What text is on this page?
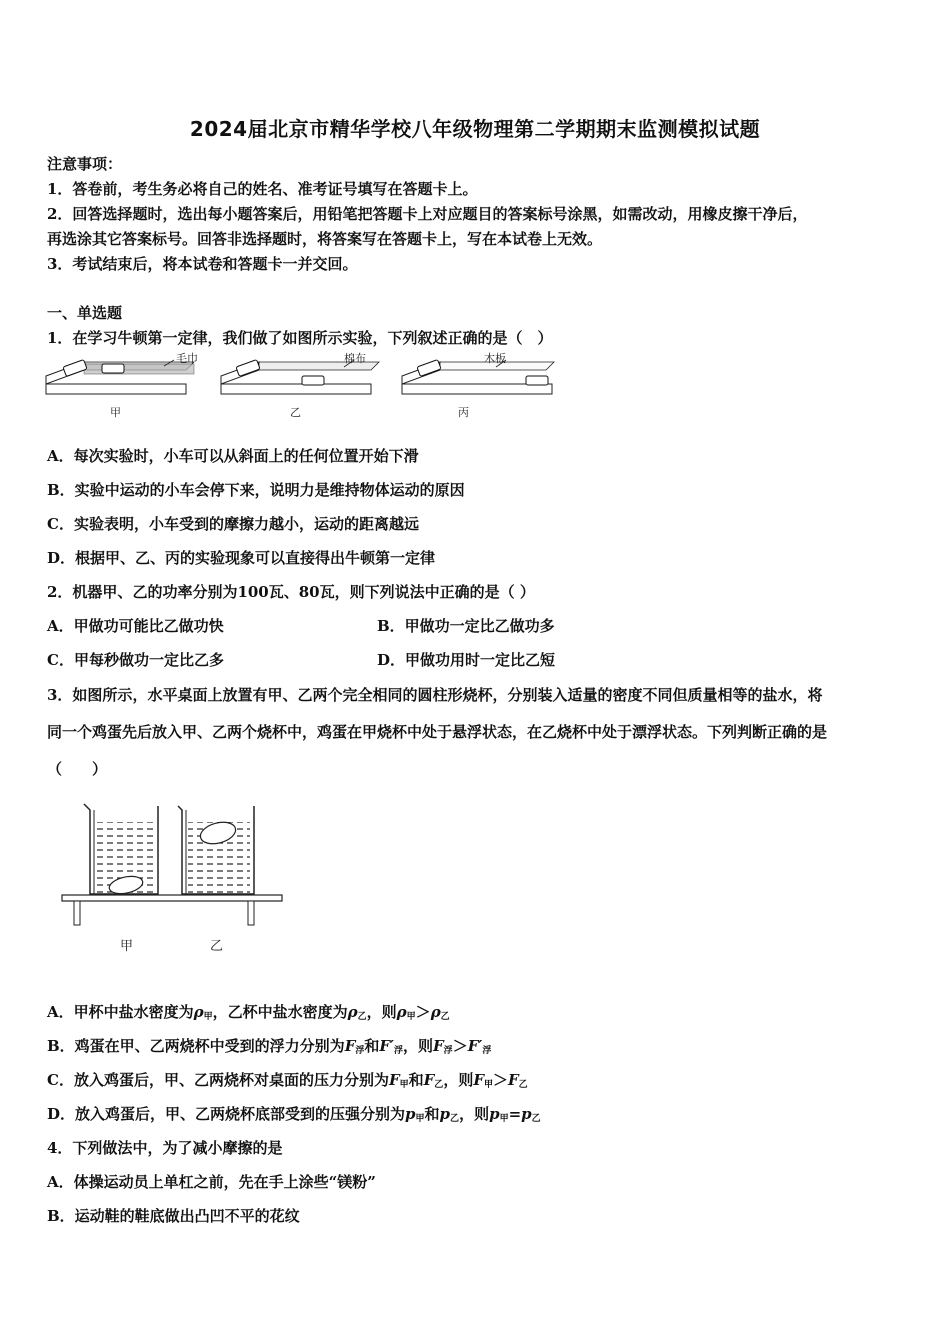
2024届北京市精华学校八年级物理第二学期期末监测模拟试题
注意事项：
1．答卷前，考生务必将自己的姓名、准考证号填写在答题卡上。
2．回答选择题时，选出每小题答案后，用铅笔把答题卡上对应题目的答案标号涂黑，如需改动，用橡皮擦干净后，
再选涂其它答案标号。回答非选择题时，将答案写在答题卡上，写在本试卷上无效。
3．考试结束后，将本试卷和答题卡一并交回。
一、单选题
1．在学习牛顿第一定律，我们做了如图所示实验，下列叙述正确的是（　）
毛巾
甲
棉布
乙
木板
丙
A．每次实验时，小车可以从斜面上的任何位置开始下滑
B．实验中运动的小车会停下来，说明力是维持物体运动的原因
C．实验表明，小车受到的摩擦力越小，运动的距离越远
D．根据甲、乙、丙的实验现象可以直接得出牛顿第一定律
2．机器甲、乙的功率分别为100瓦、80瓦，则下列说法中正确的是（ ）
A．甲做功可能比乙做功快	B．甲做功一定比乙做功多
C．甲每秒做功一定比乙多	D．甲做功用时一定比乙短
3．如图所示，水平桌面上放置有甲、乙两个完全相同的圆柱形烧杯，分别装入适量的密度不同但质量相等的盐水，将
同一个鸡蛋先后放入甲、乙两个烧杯中，鸡蛋在甲烧杯中处于悬浮状态，在乙烧杯中处于漂浮状态。下列判断正确的是
（　　）
甲	乙
A．甲杯中盐水密度为$\rho_甲$，乙杯中盐水密度为$\rho_乙$，则$\rho_甲>\rho_乙$
B．鸡蛋在甲、乙两烧杯中受到的浮力分别为$F_浮$和$F'_浮$，则$F_浮>F'_浮$
C．放入鸡蛋后，甲、乙两烧杯对桌面的压力分别为$F_甲$和$F_乙$，则$F_甲>F_乙$
D．放入鸡蛋后，甲、乙两烧杯底部受到的压强分别为$p_甲$和$p_乙$，则$p_甲=p_乙$
4．下列做法中，为了减小摩擦的是
A．体操运动员上单杠之前，先在手上涂些“镁粉”
B．运动鞋的鞋底做出凸凹不平的花纹
